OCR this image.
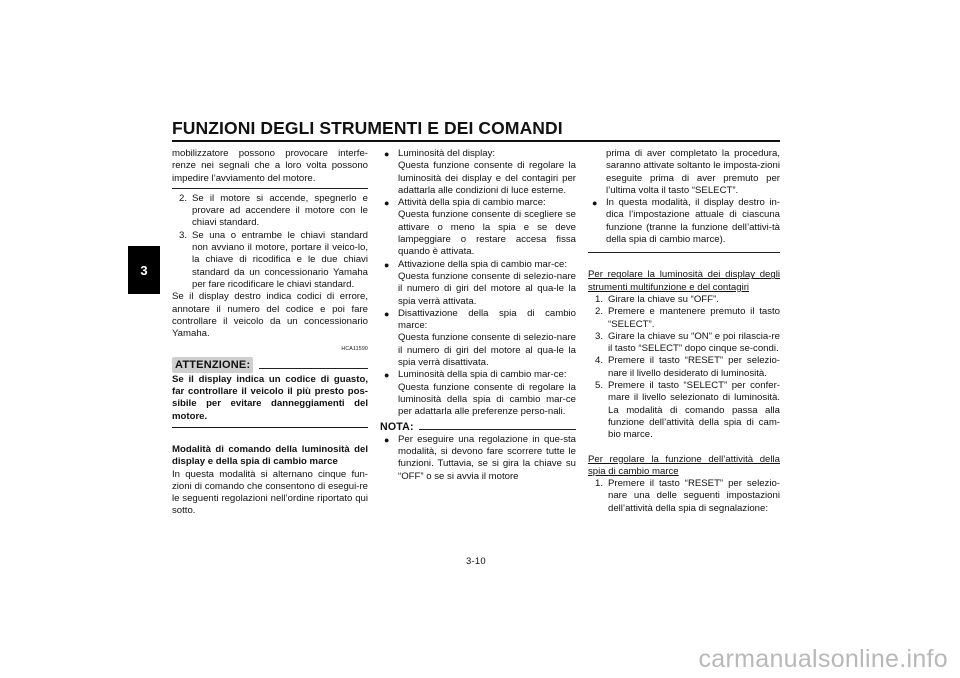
FUNZIONI DEGLI STRUMENTI E DEI COMANDI
3

mobilizzatore possono provocare interfe-renze nei segnali che a loro volta possono impedire l’avviamento del motore.

2. Se il motore si accende, spegnerlo e provare ad accendere il motore con le chiavi standard.
3. Se una o entrambe le chiavi standard non avviano il motore, portare il veico-lo, la chiave di ricodifica e le due chiavi standard da un concessionario Yamaha per fare ricodificare le chiavi standard.

Se il display destro indica codici di errore, annotare il numero del codice e poi fare controllare il veicolo da un concessionario Yamaha.

HCA11590
ATTENZIONE:

Se il display indica un codice di guasto, far controllare il veicolo il più presto pos-sibile per evitare danneggiamenti del motore.

Modalità di comando della luminosità del display e della spia di cambio marce

In questa modalità si alternano cinque fun-zioni di comando che consentono di esegui-re le seguenti regolazioni nell’ordine riportato qui sotto.

● Luminosità del display:
Questa funzione consente di regolare la luminosità dei display e del contagiri per adattarla alle condizioni di luce esterne.
● Attività della spia di cambio marce:
Questa funzione consente di scegliere se attivare o meno la spia e se deve lampeggiare o restare accesa fissa quando è attivata.
● Attivazione della spia di cambio mar-ce:
Questa funzione consente di selezio-nare il numero di giri del motore al qua-le la spia verrà attivata.
● Disattivazione della spia di cambio marce:
Questa funzione consente di selezio-nare il numero di giri del motore al qua-le la spia verrà disattivata.
● Luminosità della spia di cambio mar-ce:
Questa funzione consente di regolare la luminosità della spia di cambio mar-ce per adattarla alle preferenze perso-nali.
NOTA:
● Per eseguire una regolazione in que-sta modalità, si devono fare scorrere tutte le funzioni. Tuttavia, se si gira la chiave su “OFF” o se si avvia il motore
prima di aver completato la procedura, saranno attivate soltanto le imposta-zioni eseguite prima di aver premuto per l’ultima volta il tasto “SELECT”.
● In questa modalità, il display destro in-dica l’impostazione attuale di ciascuna funzione (tranne la funzione dell’attivi-tà della spia di cambio marce).

Per regolare la luminosità dei display degli strumenti multifunzione e del contagiri

1. Girare la chiave su “OFF”.
2. Premere e mantenere premuto il tasto “SELECT”.
3. Girare la chiave su “ON” e poi rilascia-re il tasto “SELECT” dopo cinque se-condi.
4. Premere il tasto “RESET” per selezio-nare il livello desiderato di luminosità.
5. Premere il tasto “SELECT” per confer-mare il livello selezionato di luminosità. La modalità di comando passa alla funzione dell’attività della spia di cam-bio marce.

Per regolare la funzione dell’attività della spia di cambio marce

1. Premere il tasto “RESET” per selezio-nare una delle seguenti impostazioni dell’attività della spia di segnalazione:
3-10
carmanualsonline.info
